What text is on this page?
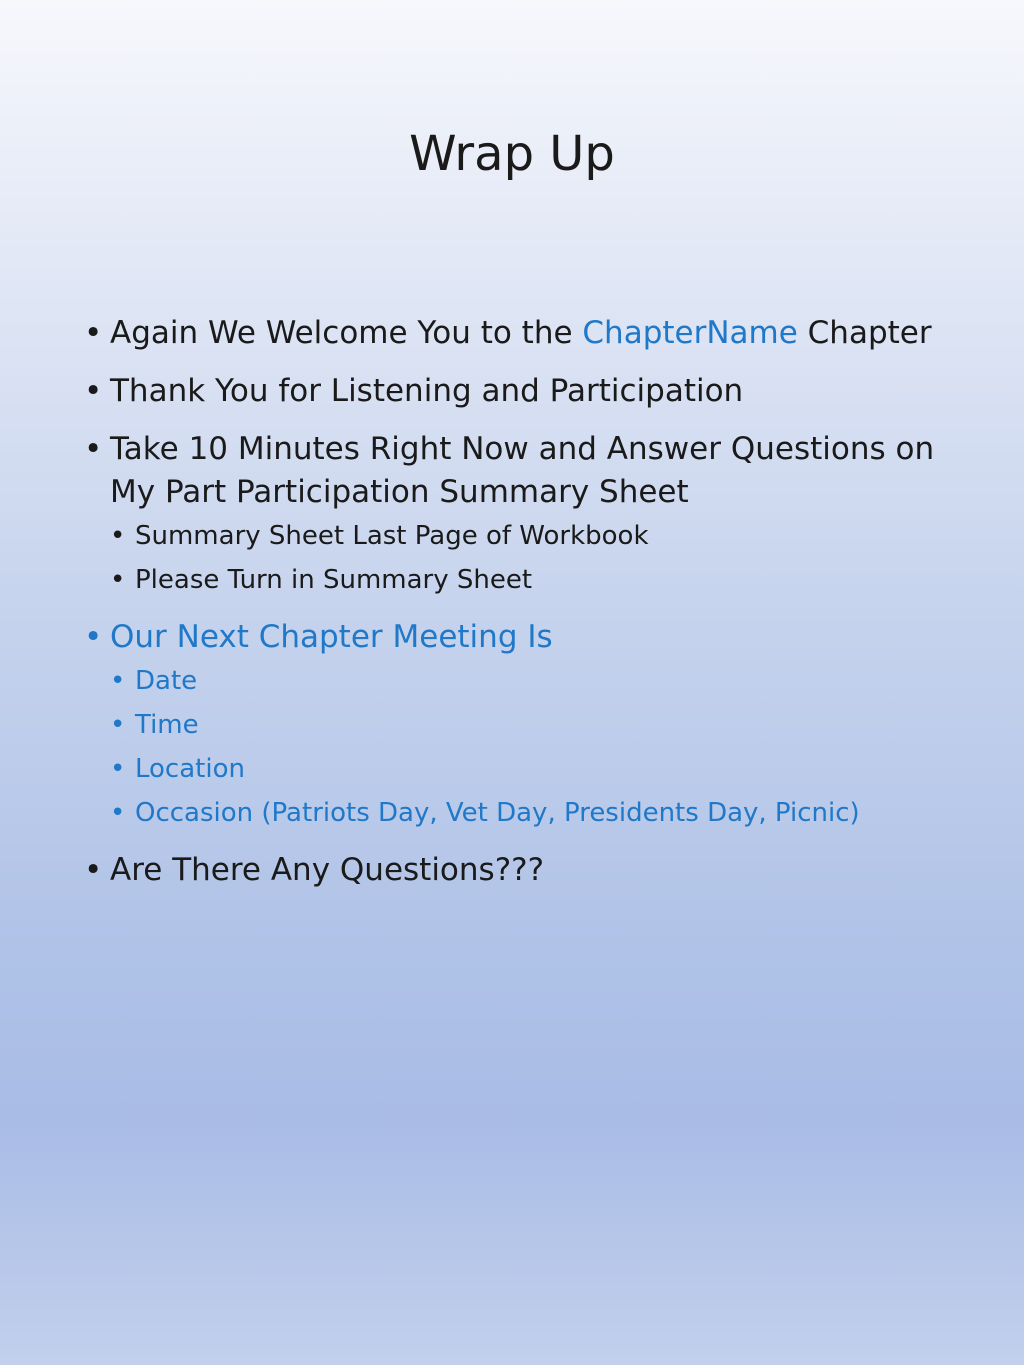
Wrap Up
• Again We Welcome You to the ChapterName Chapter
• Thank You for Listening and Participation
• Take 10 Minutes Right Now and Answer Questions on My Part Participation Summary Sheet
• Summary Sheet Last Page of Workbook
• Please Turn in Summary Sheet
• Our Next Chapter Meeting Is
• Date
• Time
• Location
• Occasion (Patriots Day, Vet Day, Presidents Day, Picnic)
• Are There Any Questions???
